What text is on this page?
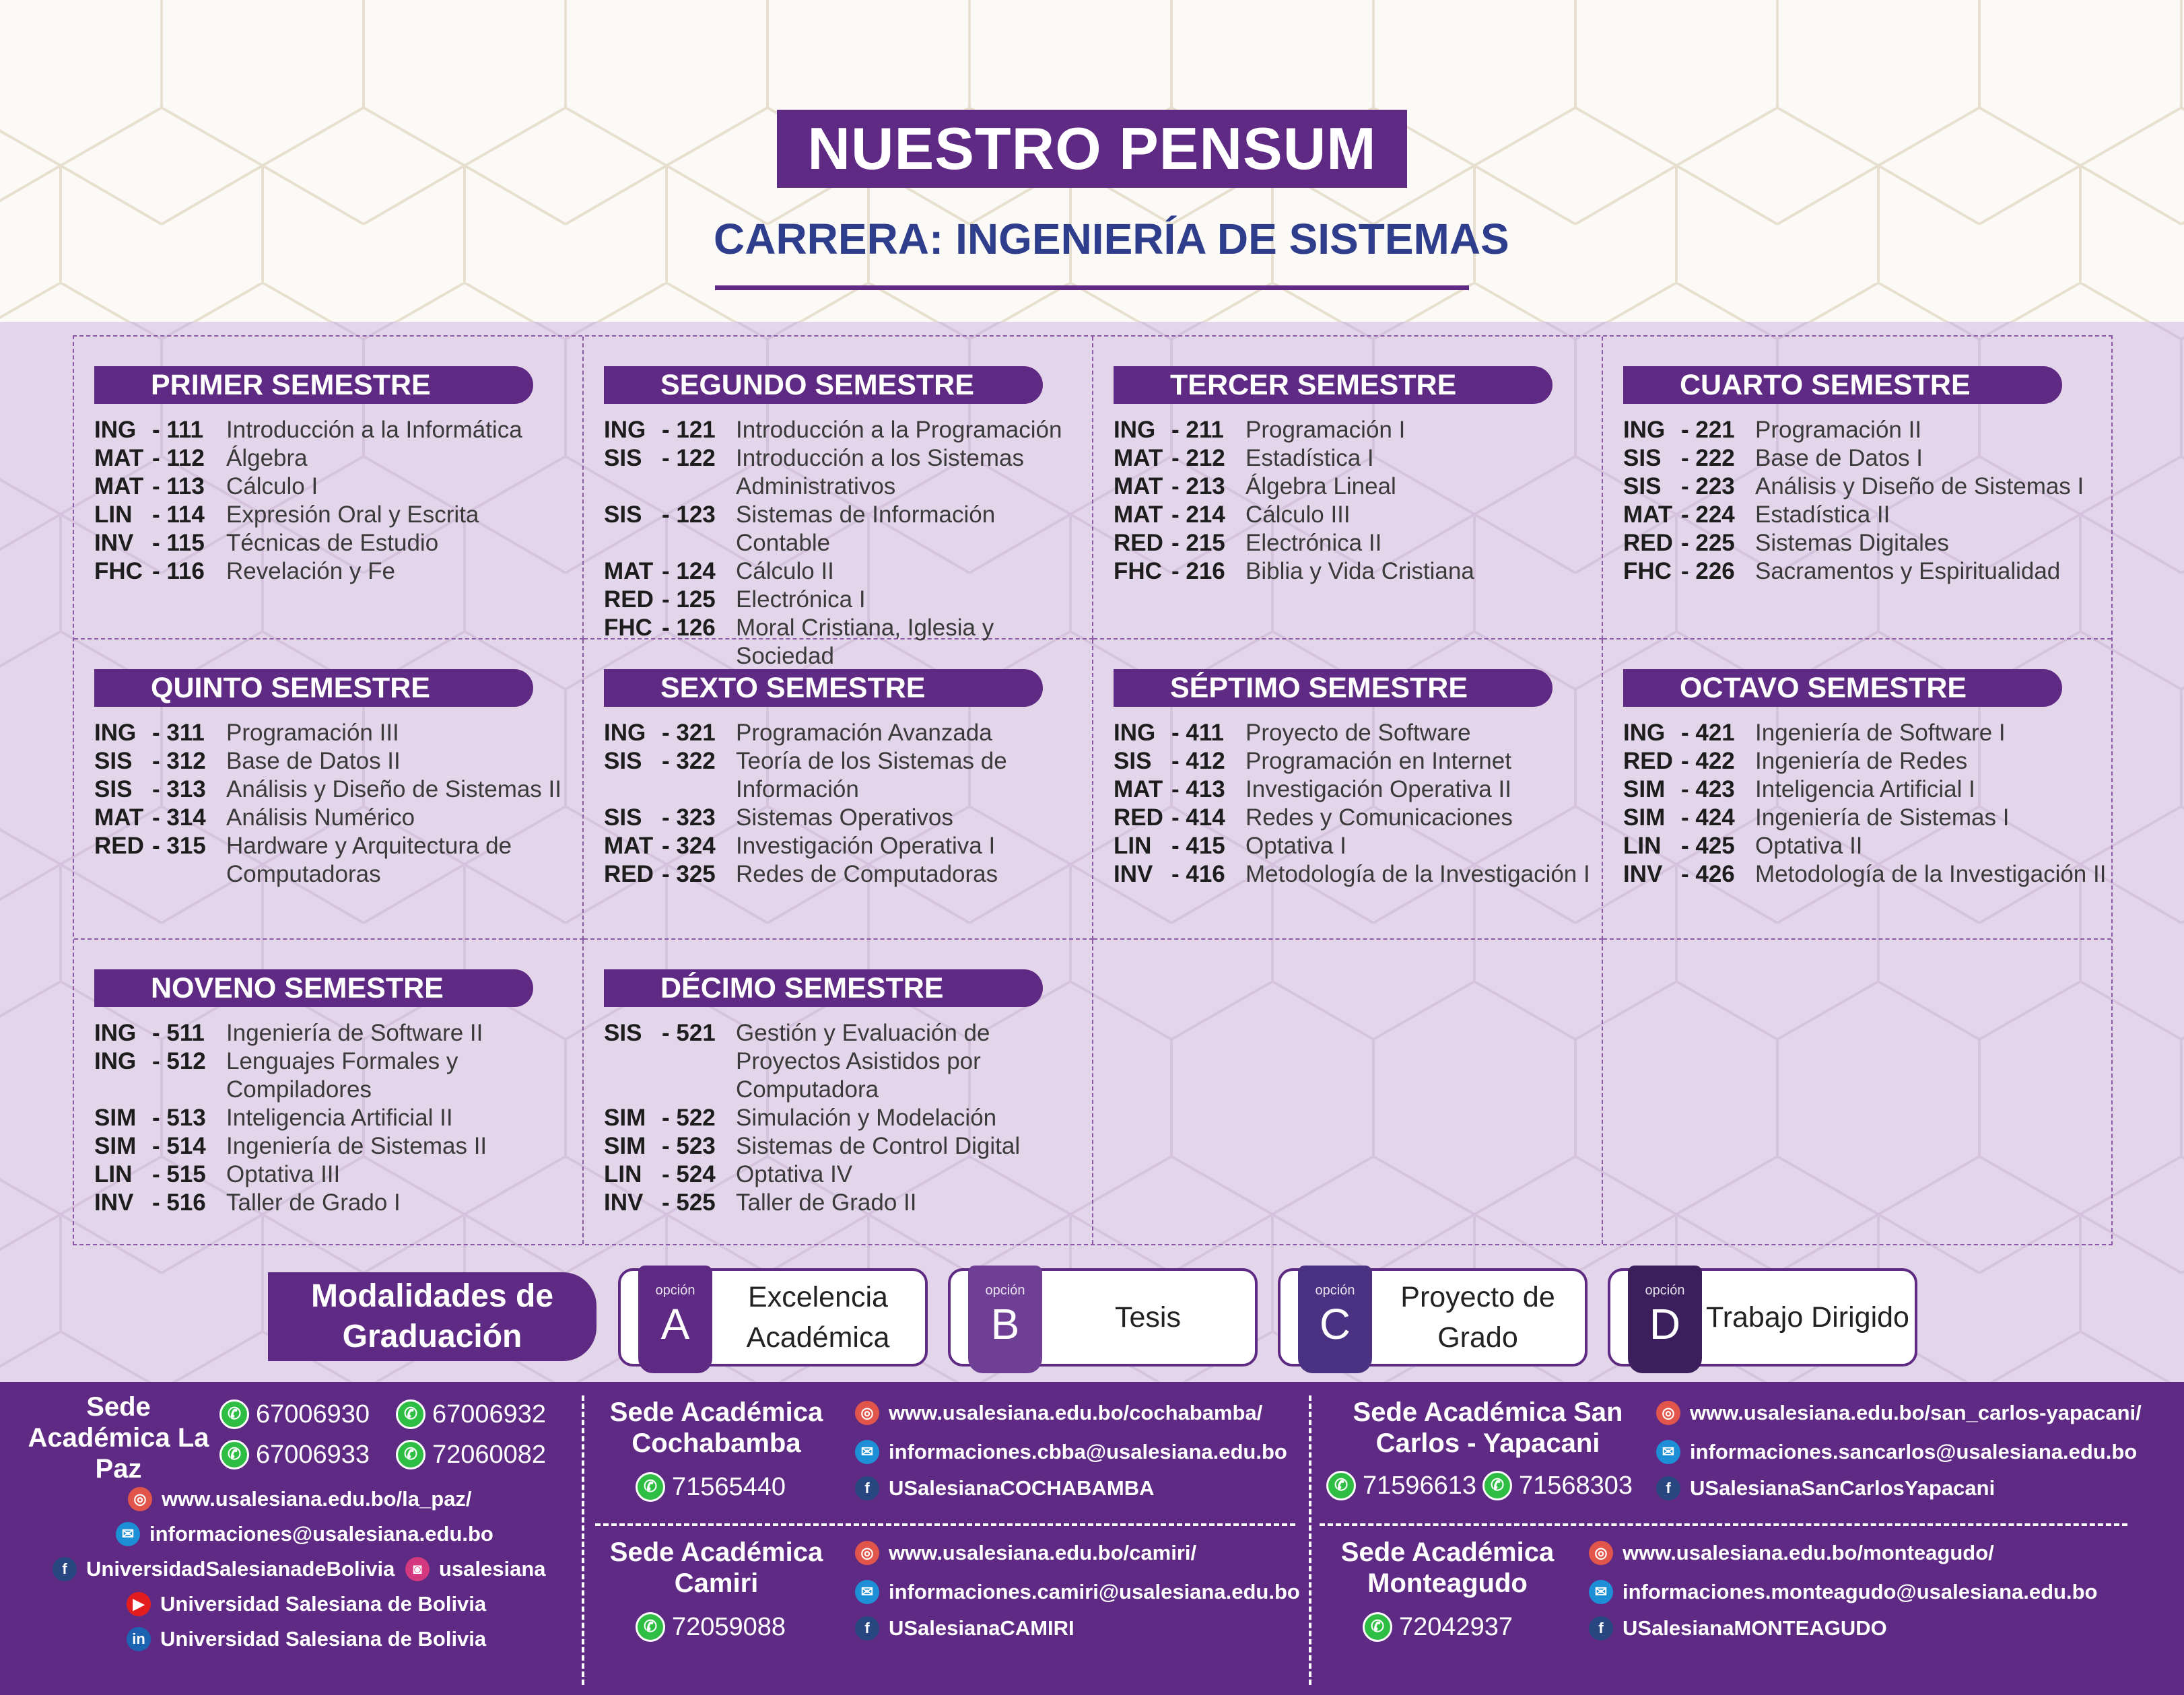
NUESTRO PENSUM
CARRERA: INGENIERÍA DE SISTEMAS
PRIMER SEMESTRE
ING - 111 Introducción a la Informática
MAT - 112 Álgebra
MAT - 113 Cálculo I
LIN - 114 Expresión Oral y Escrita
INV - 115 Técnicas de Estudio
FHC - 116 Revelación y Fe
SEGUNDO SEMESTRE
ING - 121 Introducción a la Programación
SIS - 122 Introducción a los Sistemas Administrativos
SIS - 123 Sistemas de Información Contable
MAT - 124 Cálculo II
RED - 125 Electrónica I
FHC - 126 Moral Cristiana, Iglesia y Sociedad
TERCER SEMESTRE
ING - 211 Programación I
MAT - 212 Estadística I
MAT - 213 Álgebra Lineal
MAT - 214 Cálculo III
RED - 215 Electrónica II
FHC - 216 Biblia y Vida Cristiana
CUARTO SEMESTRE
ING - 221 Programación II
SIS - 222 Base de Datos I
SIS - 223 Análisis y Diseño de Sistemas I
MAT - 224 Estadística II
RED - 225 Sistemas Digitales
FHC - 226 Sacramentos y Espiritualidad
QUINTO SEMESTRE
ING - 311 Programación III
SIS - 312 Base de Datos II
SIS - 313 Análisis y Diseño de Sistemas II
MAT - 314 Análisis Numérico
RED - 315 Hardware y Arquitectura de Computadoras
SEXTO SEMESTRE
ING - 321 Programación Avanzada
SIS - 322 Teoría de los Sistemas de Información
SIS - 323 Sistemas Operativos
MAT - 324 Investigación Operativa I
RED - 325 Redes de Computadoras
SÉPTIMO SEMESTRE
ING - 411 Proyecto de Software
SIS - 412 Programación en Internet
MAT - 413 Investigación Operativa II
RED - 414 Redes y Comunicaciones
LIN - 415 Optativa I
INV - 416 Metodología de la Investigación I
OCTAVO SEMESTRE
ING - 421 Ingeniería de Software I
RED - 422 Ingeniería de Redes
SIM - 423 Inteligencia Artificial I
SIM - 424 Ingeniería de Sistemas I
LIN - 425 Optativa II
INV - 426 Metodología de la Investigación II
NOVENO SEMESTRE
ING - 511 Ingeniería de Software II
ING - 512 Lenguajes Formales y Compiladores
SIM - 513 Inteligencia Artificial II
SIM - 514 Ingeniería de Sistemas II
LIN - 515 Optativa III
INV - 516 Taller de Grado I
DÉCIMO SEMESTRE
SIS - 521 Gestión y Evaluación de Proyectos Asistidos por Computadora
SIM - 522 Simulación y Modelación
SIM - 523 Sistemas de Control Digital
LIN - 524 Optativa IV
INV - 525 Taller de Grado II
Modalidades de Graduación
opción
A
Excelencia Académica
opción
B	Tesis
opción
C
Proyecto de Grado
opción
D Trabajo Dirigido
Sede Académica La Paz
✆ 67006930	✆ 67006932
✆ 67006933	✆ 72060082
◎ www.usalesiana.edu.bo/la_paz/
✉ informaciones@usalesiana.edu.bo
f UniversidadSalesianadeBolivia	◙ usalesiana
▶ Universidad Salesiana de Bolivia
in Universidad Salesiana de Bolivia
Sede Académica Cochabamba
✆ 71565440
◎ www.usalesiana.edu.bo/cochabamba/
✉ informaciones.cbba@usalesiana.edu.bo
f USalesianaCOCHABAMBA
Sede Académica Camiri
✆ 72059088
◎ www.usalesiana.edu.bo/camiri/
✉ informaciones.camiri@usalesiana.edu.bo
f USalesianaCAMIRI
Sede Académica San Carlos - Yapacani
✆ 71596613 ✆ 71568303
◎ www.usalesiana.edu.bo/san_carlos-yapacani/
✉ informaciones.sancarlos@usalesiana.edu.bo
f USalesianaSanCarlosYapacani
Sede Académica Monteagudo
✆ 72042937
◎ www.usalesiana.edu.bo/monteagudo/
✉ informaciones.monteagudo@usalesiana.edu.bo
f USalesianaMONTEAGUDO
